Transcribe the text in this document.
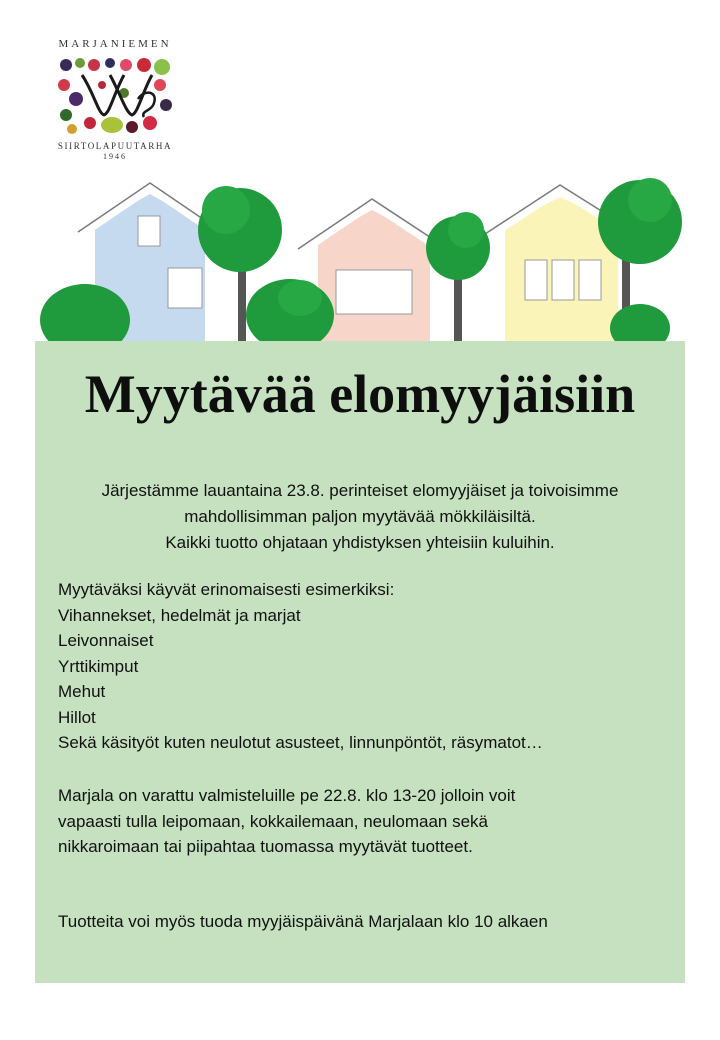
MARJANIEMEN
SIIRTOLAPUUTARHA
1946
Myytävää elomyyjäisiin
Järjestämme lauantaina 23.8. perinteiset elomyyjäiset ja toivoisimme
mahdollisimman paljon myytävää mökkiläisiltä.
Kaikki tuotto ohjataan yhdistyksen yhteisiin kuluihin.
Myytäväksi käyvät erinomaisesti esimerkiksi:
Vihannekset, hedelmät ja marjat
Leivonnaiset
Yrttikimput
Mehut
Hillot
Sekä käsityöt kuten neulotut asusteet, linnunpöntöt, räsymatot…
Marjala on varattu valmisteluille pe 22.8. klo 13-20 jolloin voit
vapaasti tulla leipomaan, kokkailemaan, neulomaan sekä
nikkaroimaan tai piipahtaa tuomassa myytävät tuotteet.
Tuotteita voi myös tuoda myyjäispäivänä Marjalaan klo 10 alkaen
